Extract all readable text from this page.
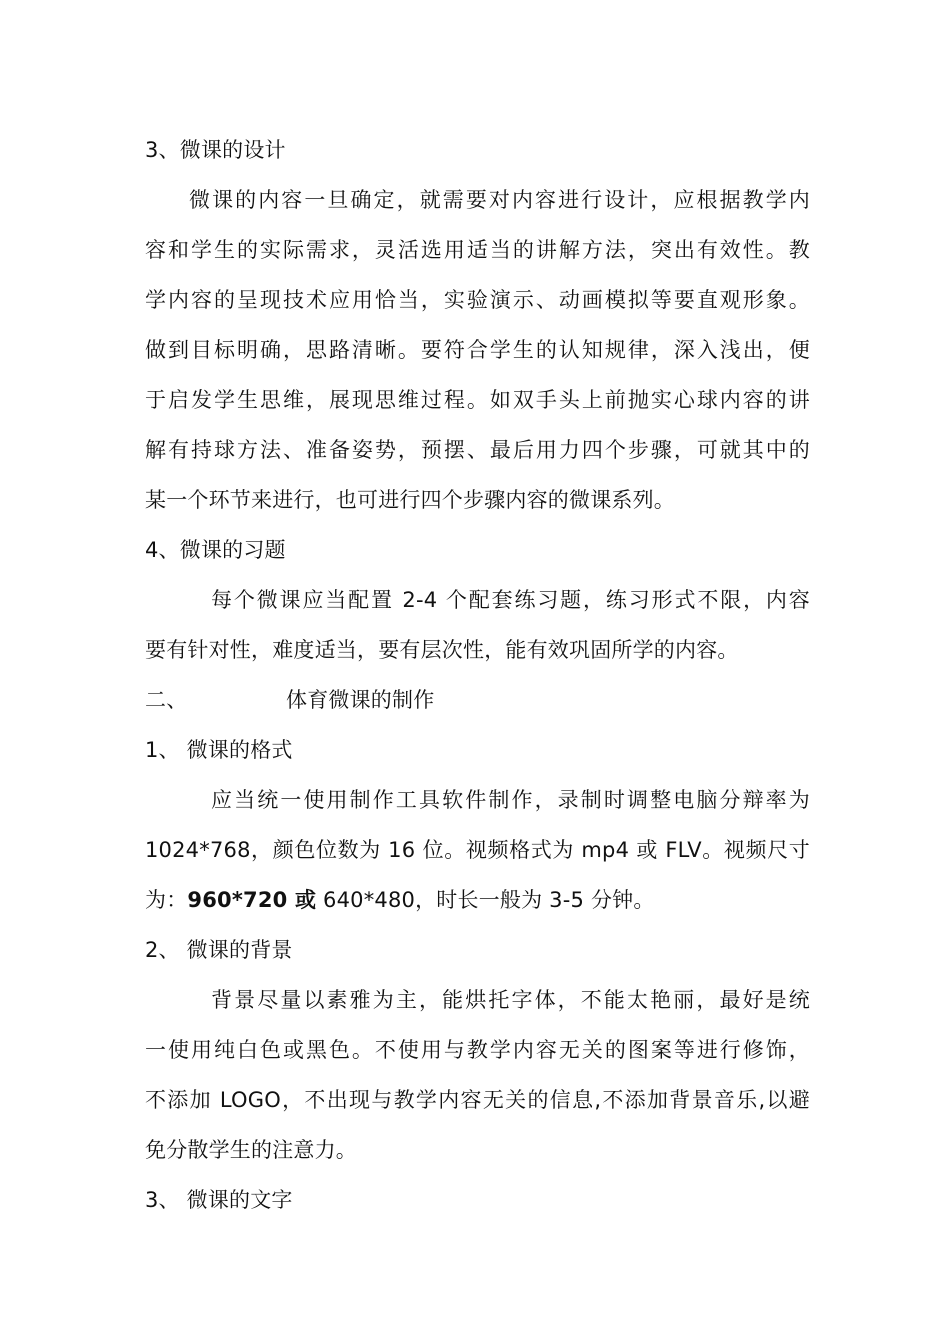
3、微课的设计
微课的内容一旦确定，就需要对内容进行设计，应根据教学内
容和学生的实际需求，灵活选用适当的讲解方法，突出有效性。教
学内容的呈现技术应用恰当，实验演示、动画模拟等要直观形象。
做到目标明确，思路清晰。要符合学生的认知规律，深入浅出，便
于启发学生思维，展现思维过程。如双手头上前抛实心球内容的讲
解有持球方法、准备姿势，预摆、最后用力四个步骤，可就其中的
某一个环节来进行，也可进行四个步骤内容的微课系列。
4、微课的习题
每个微课应当配置 2-4 个配套练习题，练习形式不限，内容
要有针对性，难度适当，要有层次性，能有效巩固所学的内容。
二、	体育微课的制作
1、 微课的格式
应当统一使用制作工具软件制作，录制时调整电脑分辩率为
1024*768，颜色位数为 16 位。视频格式为 mp4 或 FLV。视频尺寸
为：960*720 或 640*480，时长一般为 3-5 分钟。
2、 微课的背景
背景尽量以素雅为主，能烘托字体，不能太艳丽，最好是统
一使用纯白色或黑色。不使用与教学内容无关的图案等进行修饰，
不添加 LOGO，不出现与教学内容无关的信息,不添加背景音乐,以避
免分散学生的注意力。
3、 微课的文字
